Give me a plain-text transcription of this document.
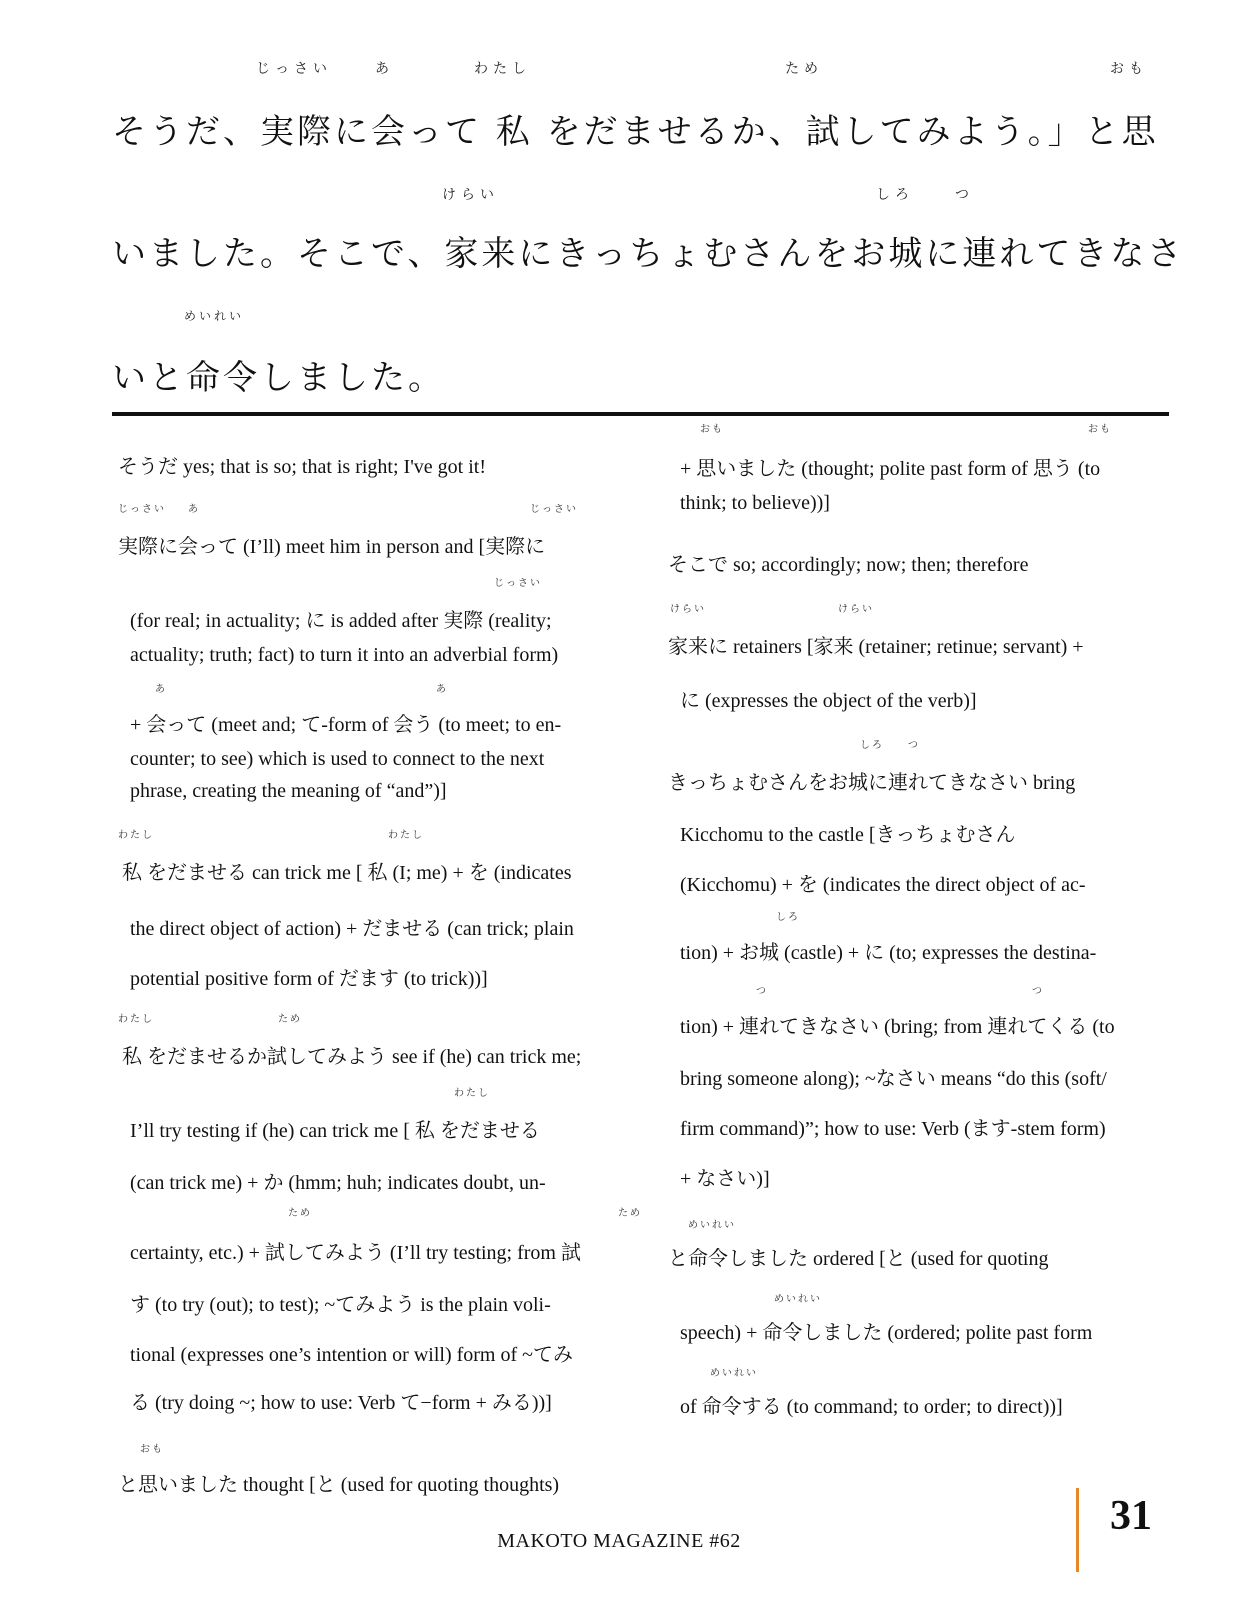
じっさい	あ	わたし	ため	おも
そうだ、実際に会って 私 をだませるか、試してみよう。」と思
けらい	しろ	つ
いました。そこで、家来にきっちょむさんをお城に連れてきなさ
めいれい
いと命令しました。
じっさい あ	じっさい
じっさい
あ	あ
わたし	わたし
わたし	ため
わたし
ため	ため
おも
そうだ yes; that is so; that is right; I've got it!
実際に会って (I’ll) meet him in person and [実際に
(for real; in actuality; に is added after 実際 (reality;
actuality; truth; fact) to turn it into an adverbial form)
+ 会って (meet and; て-form of 会う (to meet; to en-
counter; to see) which is used to connect to the next
phrase, creating the meaning of “and”)]
私 をだませる can trick me [ 私 (I; me) + を (indicates
the direct object of action) + だませる (can trick; plain
potential positive form of だます (to trick))]
私 をだませるか試してみよう see if (he) can trick me;
I’ll try testing if (he) can trick me [ 私 をだませる
(can trick me) + か (hmm; huh; indicates doubt, un-
certainty, etc.) + 試してみよう (I’ll try testing; from 試
す (to try (out); to test); ~てみよう is the plain voli-
tional (expresses one’s intention or will) form of ~てみ
る (try doing ~; how to use: Verb て−form + みる))]
と思いました thought [と (used for quoting thoughts)
おも	おも
けらい	けらい
しろ つ
しろ
つ	つ
めいれい
めいれい
めいれい
+ 思いました (thought; polite past form of 思う (to
think; to believe))]
そこで so; accordingly; now; then; therefore
家来に retainers [家来 (retainer; retinue; servant) +
に (expresses the object of the verb)]
きっちょむさんをお城に連れてきなさい bring
Kicchomu to the castle [きっちょむさん
(Kicchomu) + を (indicates the direct object of ac-
tion) + お城 (castle) + に (to; expresses the destina-
tion) + 連れてきなさい (bring; from 連れてくる (to
bring someone along); ~なさい means “do this (soft/
firm command)”; how to use: Verb (ます-stem form)
+ なさい)]
と命令しました ordered [と (used for quoting
speech) + 命令しました (ordered; polite past form
of 命令する (to command; to order; to direct))]
MAKOTO MAGAZINE #62
31
